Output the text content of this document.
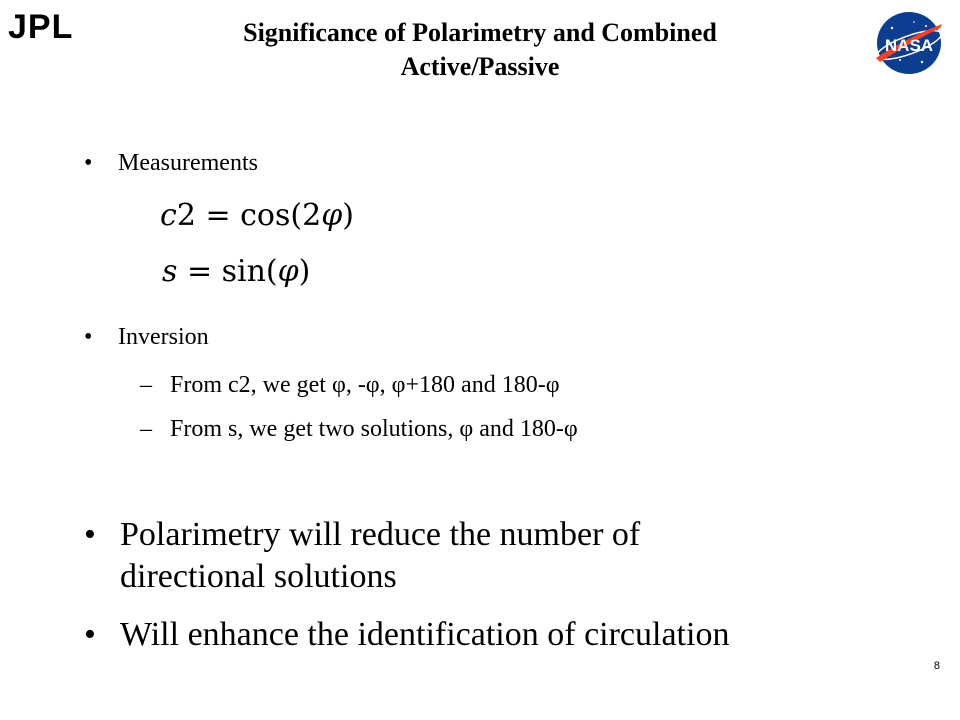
JPL	NASA
Significance of Polarimetry and Combined
Active/Passive
•	Measurements
c2 = cos(2φ)
s = sin(φ)
•	Inversion
– From c2, we get φ, -φ, φ+180 and 180-φ
– From s, we get two solutions, φ and 180-φ
• Polarimetry will reduce the number of
directional solutions
• Will enhance the identification of circulation
8
